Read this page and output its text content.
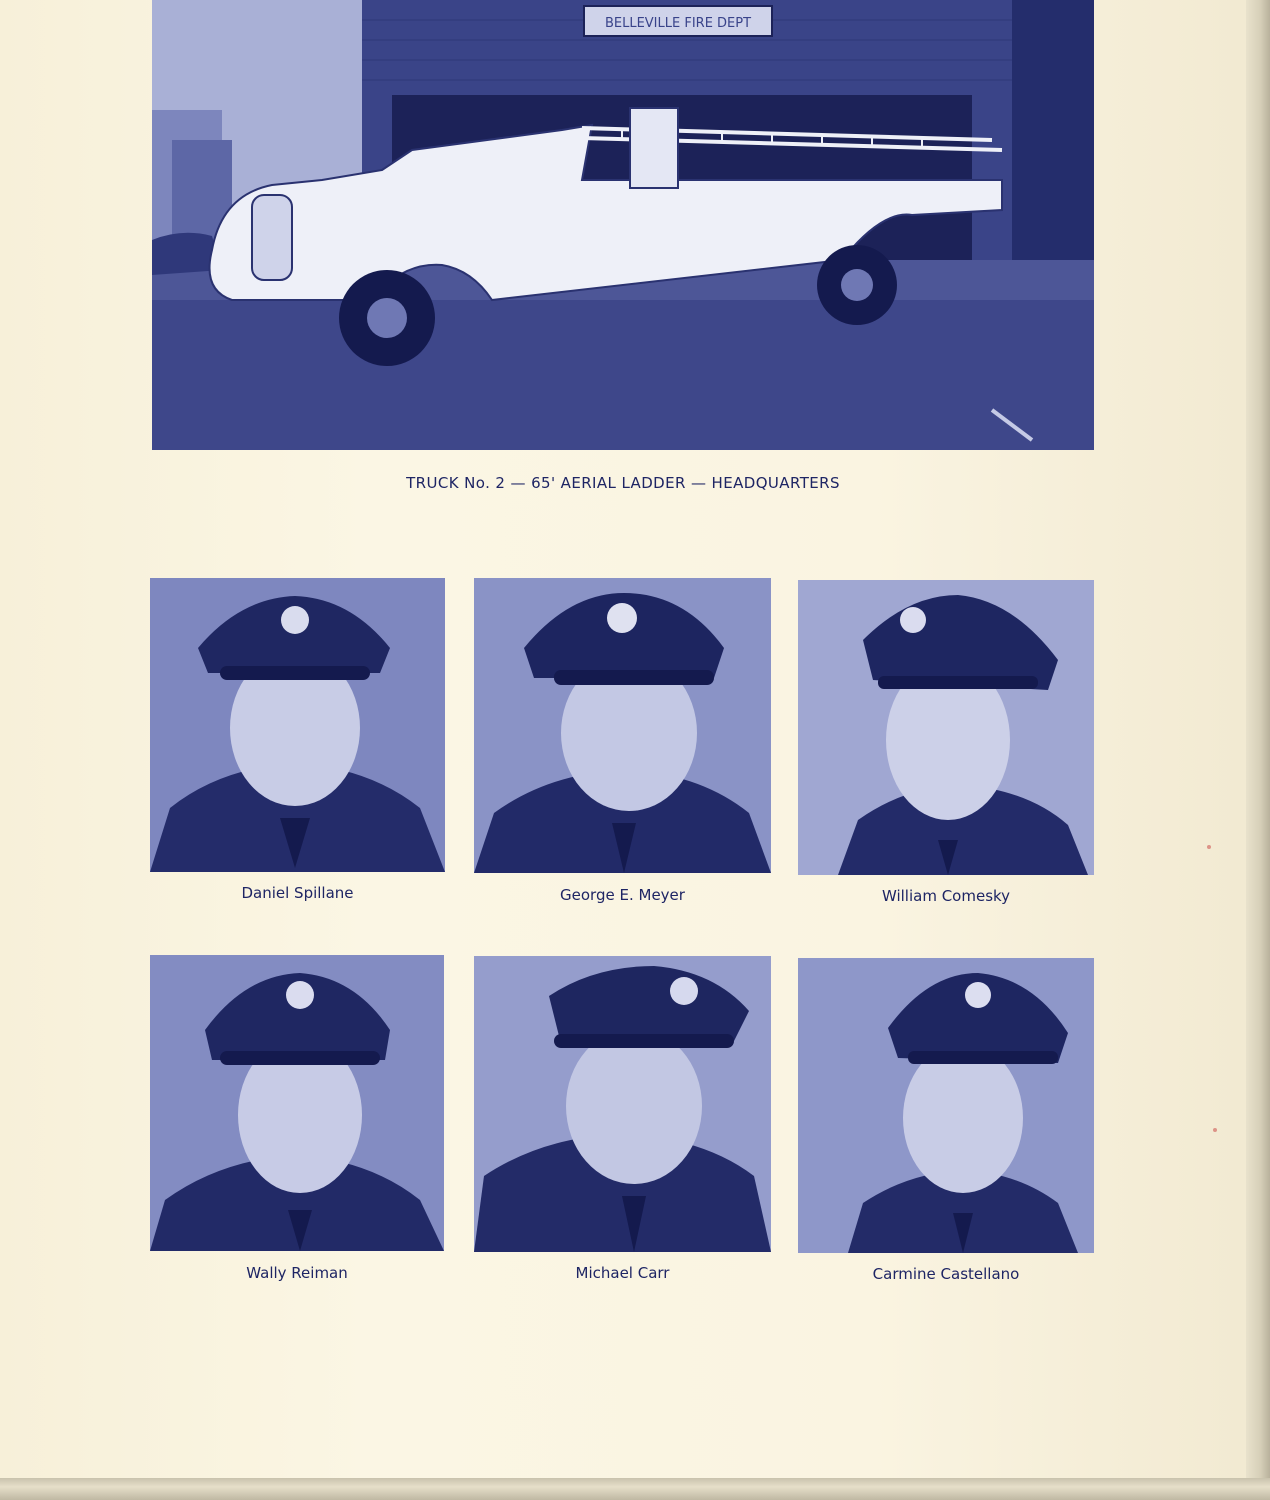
BELLEVILLE FIRE DEPT
TRUCK No. 2 — 65' AERIAL LADDER — HEADQUARTERS
Daniel Spillane	George E. Meyer	William Comesky
Wally Reiman	Michael Carr	Carmine Castellano
